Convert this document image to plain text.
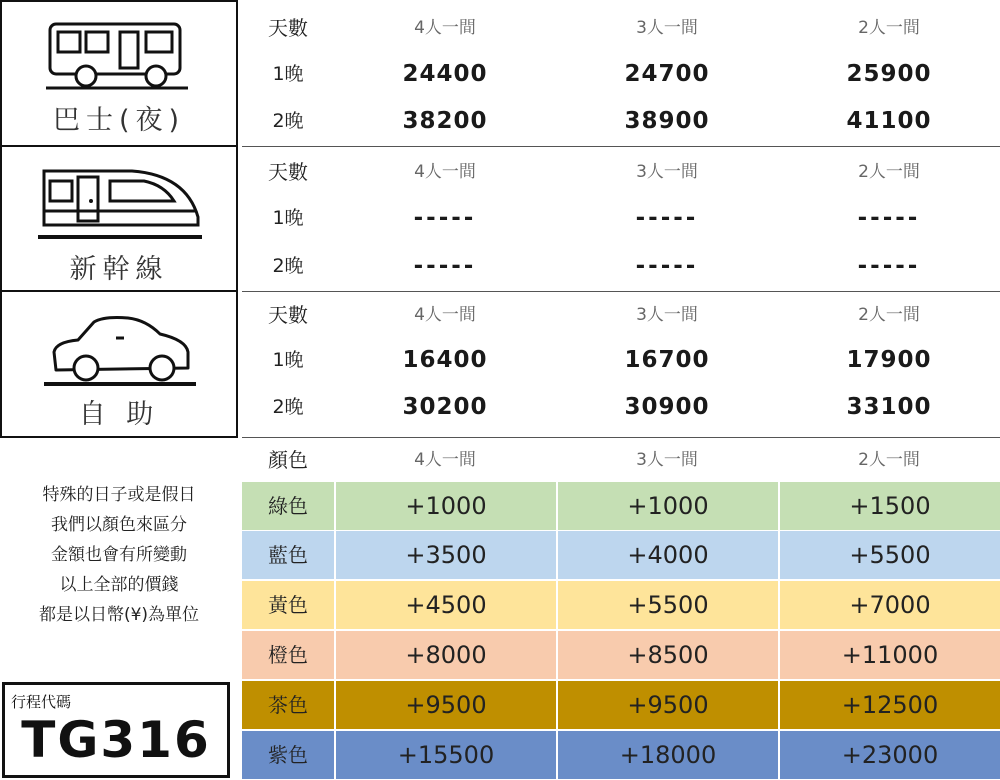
巴士(夜)
天數	4人一間	3人一間	2人一間
1晚	24400	24700	25900
2晚	38200	38900	41100
新幹線
天數	4人一間	3人一間	2人一間
1晚	-----	-----	-----
2晚	-----	-----	-----
自 助
天數	4人一間	3人一間	2人一間
1晚	16400	16700	17900
2晚	30200	30900	33100
顏色	4人一間	3人一間	2人一間
綠色	+1000	+1000	+1500
藍色	+3500	+4000	+5500
黃色	+4500	+5500	+7000
橙色	+8000	+8500	+11000
茶色	+9500	+9500	+12500
紫色	+15500	+18000	+23000
特殊的日子或是假日
我們以顏色來區分
金額也會有所變動
以上全部的價錢
都是以日幣(¥)為單位
行程代碼
TG316
